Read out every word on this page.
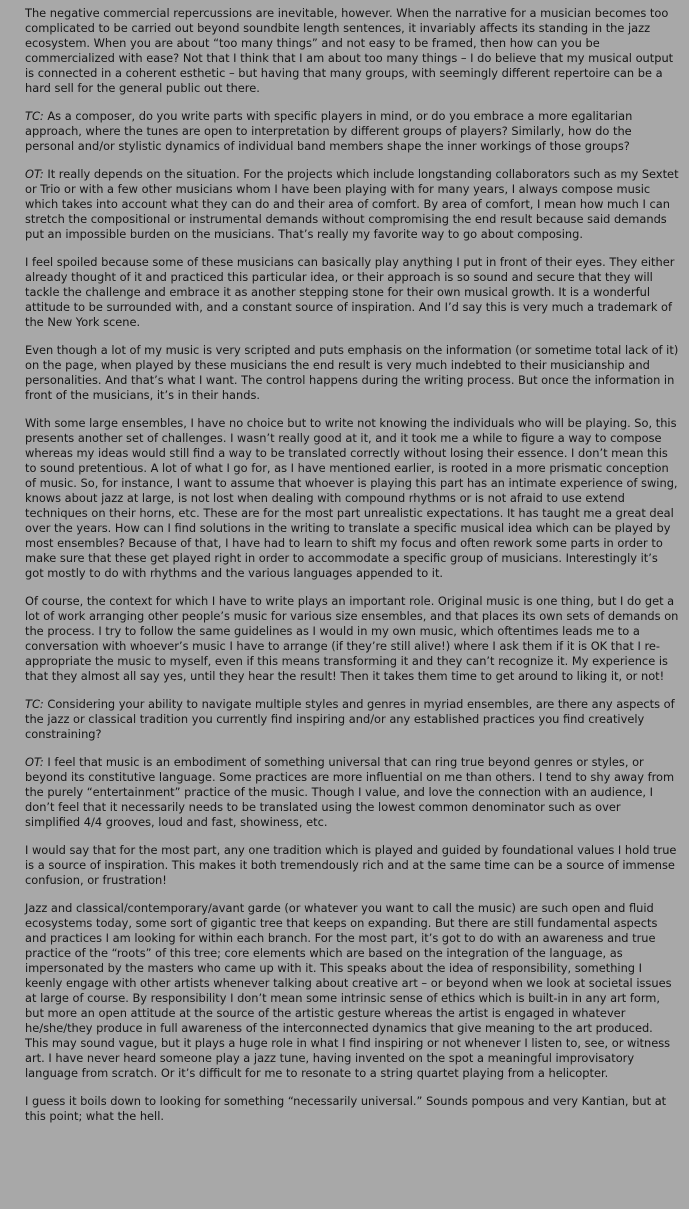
The negative commercial repercussions are inevitable, however. When the narrative for a musician becomes too complicated to be carried out beyond soundbite length sentences, it invariably affects its standing in the jazz ecosystem. When you are about “too many things” and not easy to be framed, then how can you be commercialized with ease? Not that I think that I am about too many things – I do believe that my musical output is connected in a coherent esthetic – but having that many groups, with seemingly different repertoire can be a hard sell for the general public out there.

TC: As a composer, do you write parts with specific players in mind, or do you embrace a more egalitarian approach, where the tunes are open to interpretation by different groups of players? Similarly, how do the personal and/or stylistic dynamics of individual band members shape the inner workings of those groups?

OT: It really depends on the situation. For the projects which include longstanding collaborators such as my Sextet or Trio or with a few other musicians whom I have been playing with for many years, I always compose music which takes into account what they can do and their area of comfort. By area of comfort, I mean how much I can stretch the compositional or instrumental demands without compromising the end result because said demands put an impossible burden on the musicians. That’s really my favorite way to go about composing.

I feel spoiled because some of these musicians can basically play anything I put in front of their eyes. They either already thought of it and practiced this particular idea, or their approach is so sound and secure that they will tackle the challenge and embrace it as another stepping stone for their own musical growth. It is a wonderful attitude to be surrounded with, and a constant source of inspiration. And I’d say this is very much a trademark of the New York scene.

Even though a lot of my music is very scripted and puts emphasis on the information (or sometime total lack of it) on the page, when played by these musicians the end result is very much indebted to their musicianship and personalities. And that’s what I want. The control happens during the writing process. But once the information in front of the musicians, it’s in their hands.

With some large ensembles, I have no choice but to write not knowing the individuals who will be playing. So, this presents another set of challenges. I wasn’t really good at it, and it took me a while to figure a way to compose whereas my ideas would still find a way to be translated correctly without losing their essence. I don’t mean this to sound pretentious. A lot of what I go for, as I have mentioned earlier, is rooted in a more prismatic conception of music. So, for instance, I want to assume that whoever is playing this part has an intimate experience of swing, knows about jazz at large, is not lost when dealing with compound rhythms or is not afraid to use extend techniques on their horns, etc. These are for the most part unrealistic expectations. It has taught me a great deal over the years. How can I find solutions in the writing to translate a specific musical idea which can be played by most ensembles? Because of that, I have had to learn to shift my focus and often rework some parts in order to make sure that these get played right in order to accommodate a specific group of musicians. Interestingly it’s got mostly to do with rhythms and the various languages appended to it.

Of course, the context for which I have to write plays an important role. Original music is one thing, but I do get a lot of work arranging other people’s music for various size ensembles, and that places its own sets of demands on the process. I try to follow the same guidelines as I would in my own music, which oftentimes leads me to a conversation with whoever’s music I have to arrange (if they’re still alive!) where I ask them if it is OK that I re-appropriate the music to myself, even if this means transforming it and they can’t recognize it. My experience is that they almost all say yes, until they hear the result! Then it takes them time to get around to liking it, or not!

TC: Considering your ability to navigate multiple styles and genres in myriad ensembles, are there any aspects of the jazz or classical tradition you currently find inspiring and/or any established practices you find creatively constraining?

OT: I feel that music is an embodiment of something universal that can ring true beyond genres or styles, or beyond its constitutive language. Some practices are more influential on me than others. I tend to shy away from the purely “entertainment” practice of the music. Though I value, and love the connection with an audience, I don’t feel that it necessarily needs to be translated using the lowest common denominator such as over simplified 4/4 grooves, loud and fast, showiness, etc.

I would say that for the most part, any one tradition which is played and guided by foundational values I hold true is a source of inspiration. This makes it both tremendously rich and at the same time can be a source of immense confusion, or frustration!

Jazz and classical/contemporary/avant garde (or whatever you want to call the music) are such open and fluid ecosystems today, some sort of gigantic tree that keeps on expanding. But there are still fundamental aspects and practices I am looking for within each branch. For the most part, it’s got to do with an awareness and true practice of the “roots” of this tree; core elements which are based on the integration of the language, as impersonated by the masters who came up with it. This speaks about the idea of responsibility, something I keenly engage with other artists whenever talking about creative art – or beyond when we look at societal issues at large of course. By responsibility I don’t mean some intrinsic sense of ethics which is built-in in any art form, but more an open attitude at the source of the artistic gesture whereas the artist is engaged in whatever he/she/they produce in full awareness of the interconnected dynamics that give meaning to the art produced. This may sound vague, but it plays a huge role in what I find inspiring or not whenever I listen to, see, or witness art. I have never heard someone play a jazz tune, having invented on the spot a meaningful improvisatory language from scratch. Or it’s difficult for me to resonate to a string quartet playing from a helicopter.

I guess it boils down to looking for something “necessarily universal.” Sounds pompous and very Kantian, but at this point; what the hell.
